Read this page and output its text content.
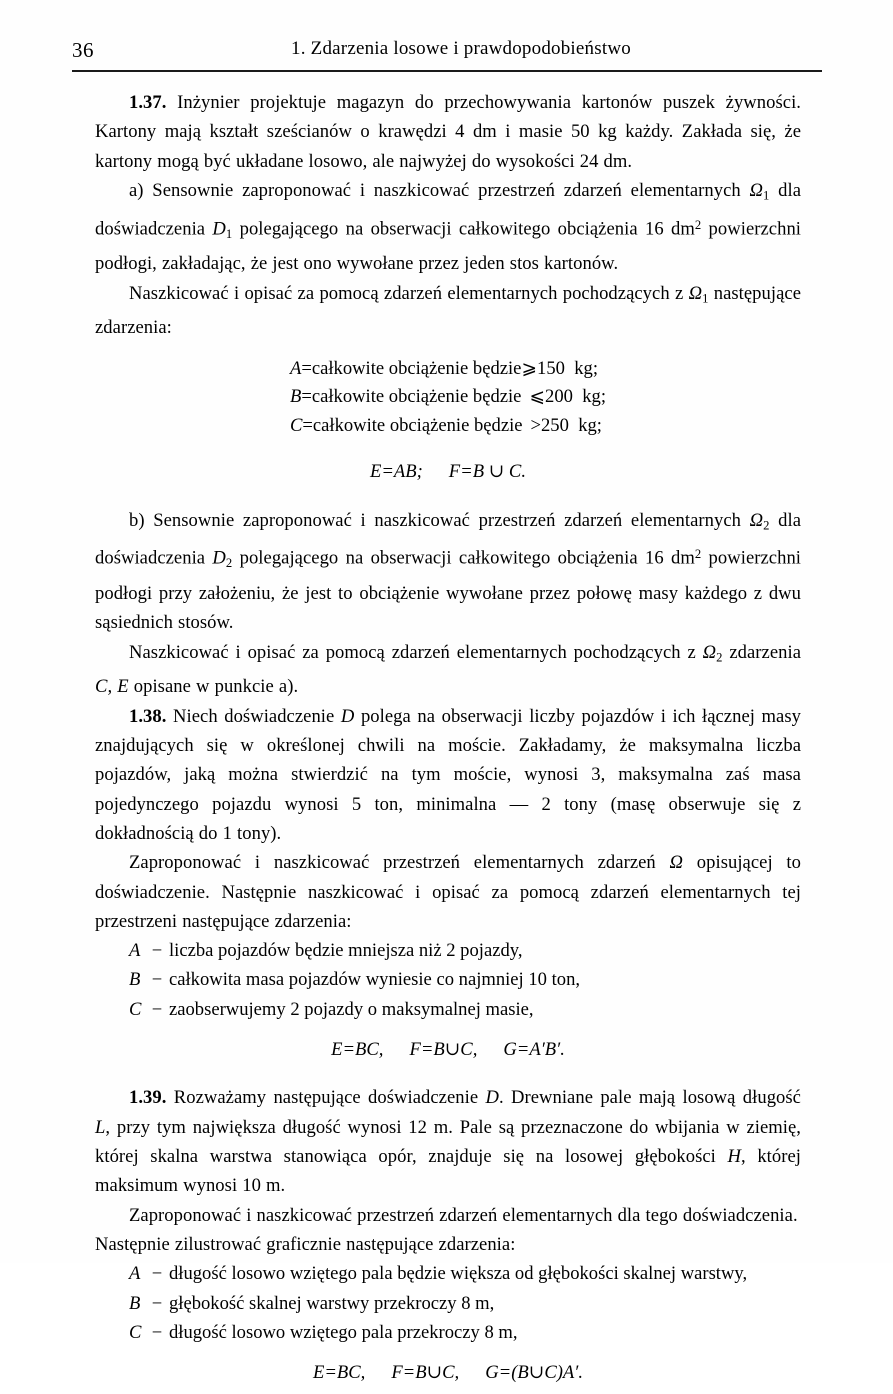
36	1. Zdarzenia losowe i prawdopodobieństwo

1.37. Inżynier projektuje magazyn do przechowywania kartonów puszek żywności. Kartony mają kształt sześcianów o krawędzi 4 dm i masie 50 kg każdy. Zakłada się, że kartony mogą być układane losowo, ale najwyżej do wysokości 24 dm.

a) Sensownie zaproponować i naszkicować przestrzeń zdarzeń elementarnych $\Omega_1$ dla doświadczenia $D_1$ polegającego na obserwacji całkowitego obciążenia 16 $dm^2$ powierzchni podłogi, zakładając, że jest ono wywołane przez jeden stos kartonów.

Naszkicować i opisać za pomocą zdarzeń elementarnych pochodzących z $\Omega_1$ następujące zdarzenia:

A=całkowite obciążenie będzie⩾150  kg;
B=całkowite obciążenie będzie ⩽200  kg;
C=całkowite obciążenie będzie >250  kg;
E=AB; F=B ∪ C.

b) Sensownie zaproponować i naszkicować przestrzeń zdarzeń elementarnych $\Omega_2$ dla doświadczenia $D_2$ polegającego na obserwacji całkowitego obciążenia 16 $dm^2$ powierzchni podłogi przy założeniu, że jest to obciążenie wywołane przez połowę masy każdego z dwu sąsiednich stosów.

Naszkicować i opisać za pomocą zdarzeń elementarnych pochodzących z $\Omega_2$ zdarzenia C, E opisane w punkcie a).

1.38. Niech doświadczenie D polega na obserwacji liczby pojazdów i ich łącznej masy znajdujących się w określonej chwili na moście. Zakładamy, że maksymalna liczba pojazdów, jaką można stwierdzić na tym moście, wynosi 3, maksymalna zaś masa pojedynczego pojazdu wynosi 5 ton, minimalna — 2 tony (masę obserwuje się z dokładnością do 1 tony).

Zaproponować i naszkicować przestrzeń elementarnych zdarzeń Ω opisującej to doświadczenie. Następnie naszkicować i opisać za pomocą zdarzeń elementarnych tej przestrzeni następujące zdarzenia:

A − liczba pojazdów będzie mniejsza niż 2 pojazdy,
B − całkowita masa pojazdów wyniesie co najmniej 10 ton,
C − zaobserwujemy 2 pojazdy o maksymalnej masie,
E=BC, F=B∪C, G=A′B′.

1.39. Rozważamy następujące doświadczenie D. Drewniane pale mają losową długość L, przy tym największa długość wynosi 12 m. Pale są przeznaczone do wbijania w ziemię, której skalna warstwa stanowiąca opór, znajduje się na losowej głębokości H, której maksimum wynosi 10 m.

Zaproponować i naszkicować przestrzeń zdarzeń elementarnych dla tego doświadczenia.

Następnie zilustrować graficznie następujące zdarzenia:

A − długość losowo wziętego pala będzie większa od głębokości skalnej warstwy,
B − głębokość skalnej warstwy przekroczy 8 m,
C − długość losowo wziętego pala przekroczy 8 m,
E=BC, F=B∪C, G=(B∪C)A′.
